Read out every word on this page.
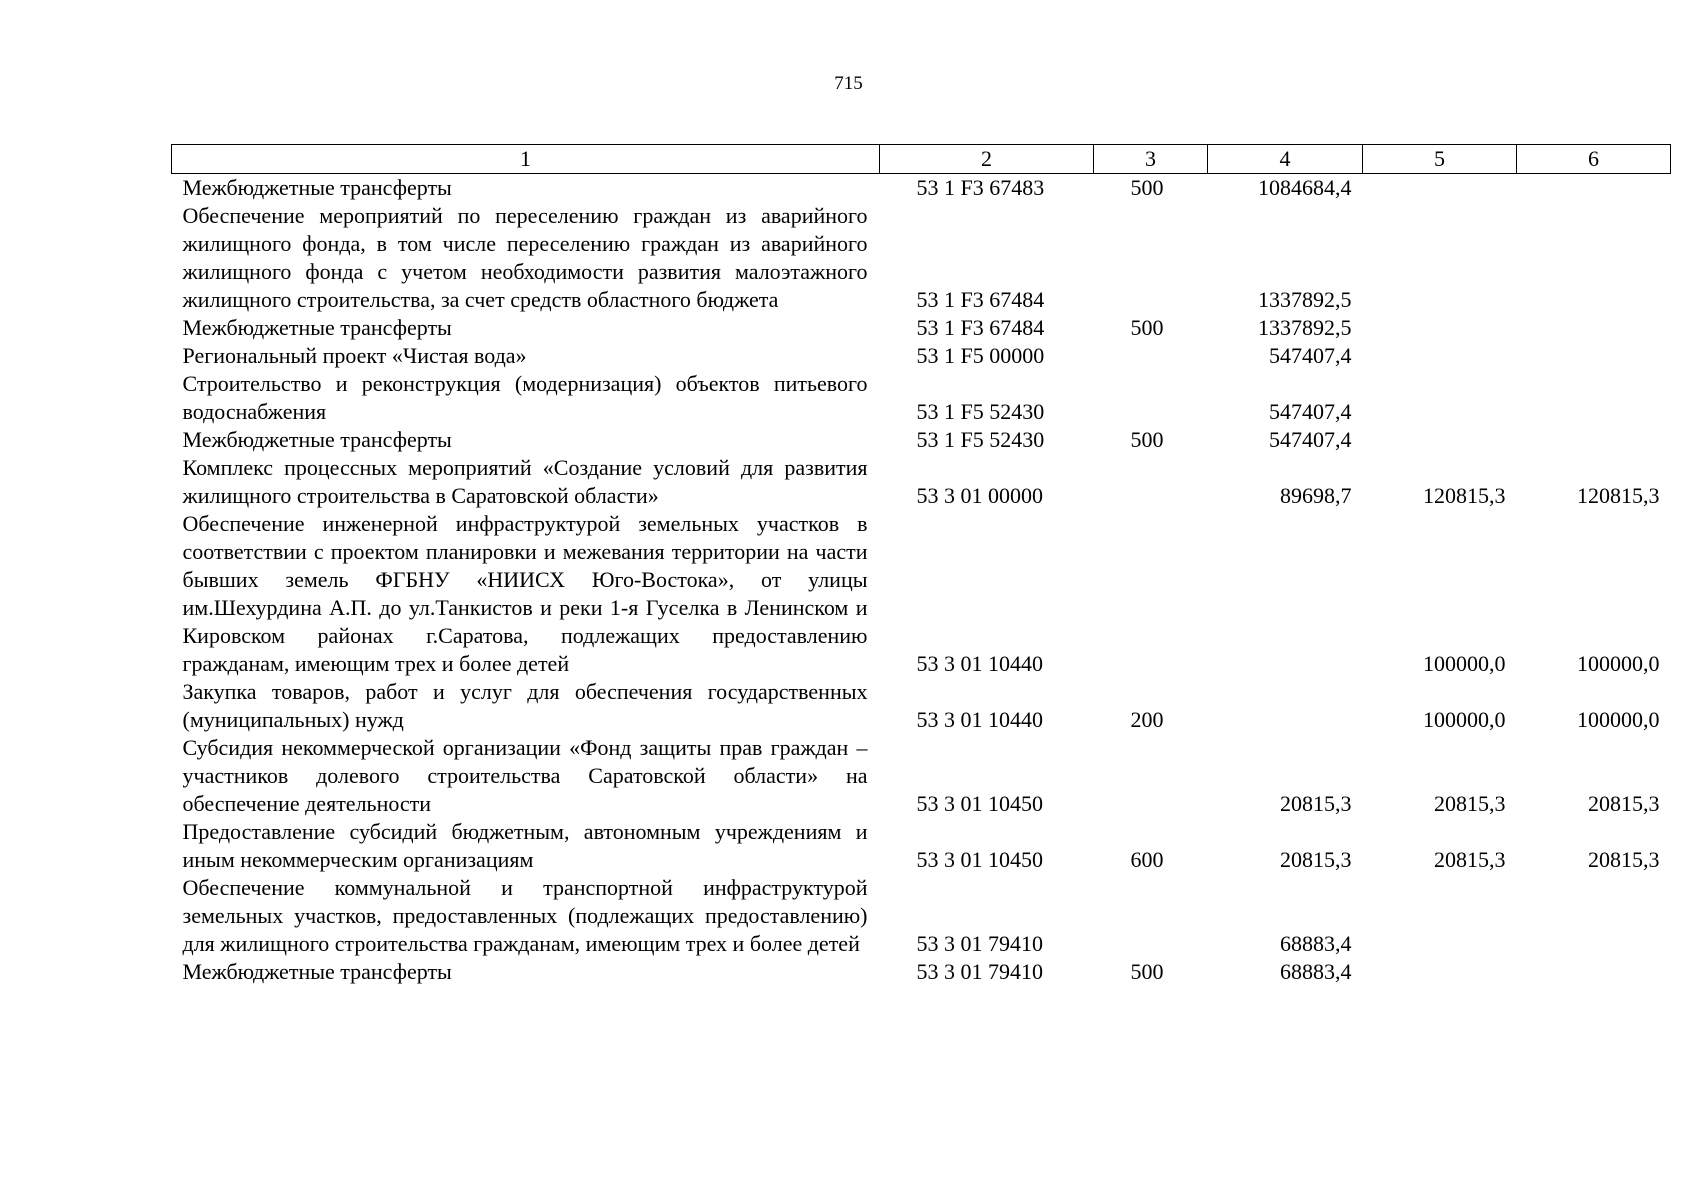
715
1	2	3	4	5	6
Межбюджетные трансферты	53 1 F3 67483	500	1084684,4		
Обеспечение мероприятий по переселению граждан из аварийного жилищного фонда, в том числе переселению граждан из аварийного жилищного фонда с учетом необходимости развития малоэтажного жилищного строительства, за счет средств областного бюджета	53 1 F3 67484		1337892,5		
Межбюджетные трансферты	53 1 F3 67484	500	1337892,5		
Региональный проект «Чистая вода»	53 1 F5 00000		547407,4		
Строительство и реконструкция (модернизация) объектов питьевого водоснабжения	53 1 F5 52430		547407,4		
Межбюджетные трансферты	53 1 F5 52430	500	547407,4		
Комплекс процессных мероприятий «Создание условий для развития жилищного строительства в Саратовской области»	53 3 01 00000		89698,7	120815,3	120815,3
Обеспечение инженерной инфраструктурой земельных участков в соответствии с проектом планировки и межевания территории на части бывших земель ФГБНУ «НИИСХ Юго-Востока», от улицы им.Шехурдина А.П. до ул.Танкистов и реки 1-я Гуселка в Ленинском и Кировском районах г.Саратова, подлежащих предоставлению гражданам, имеющим трех и более детей	53 3 01 10440			100000,0	100000,0
Закупка товаров, работ и услуг для обеспечения государственных (муниципальных) нужд	53 3 01 10440	200		100000,0	100000,0
Субсидия некоммерческой организации «Фонд защиты прав граждан – участников долевого строительства Саратовской области» на обеспечение деятельности	53 3 01 10450		20815,3	20815,3	20815,3
Предоставление субсидий бюджетным, автономным учреждениям и иным некоммерческим организациям	53 3 01 10450	600	20815,3	20815,3	20815,3
Обеспечение коммунальной и транспортной инфраструктурой земельных участков, предоставленных (подлежащих предоставлению) для жилищного строительства гражданам, имеющим трех и более детей	53 3 01 79410		68883,4		
Межбюджетные трансферты	53 3 01 79410	500	68883,4		
